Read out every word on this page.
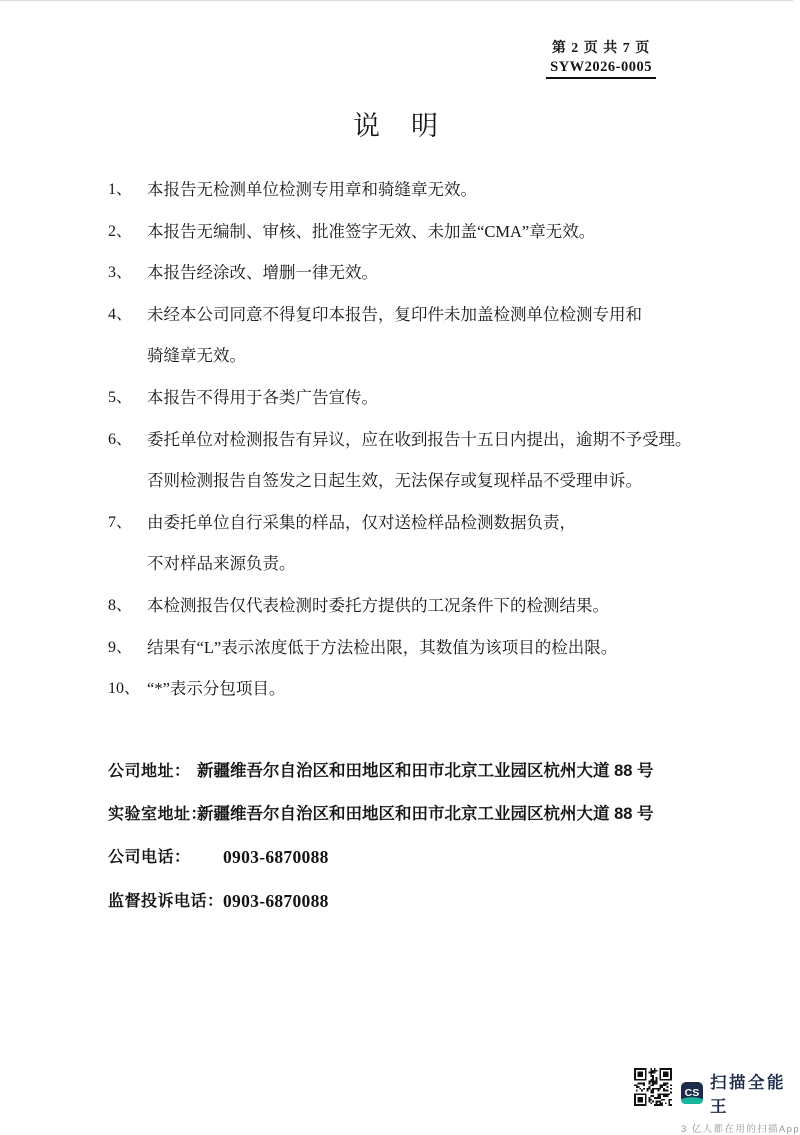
第 2 页 共 7 页
SYW2026-0005
说　明
1、 本报告无检测单位检测专用章和骑缝章无效。
2、 本报告无编制、审核、批准签字无效、未加盖“CMA”章无效。
3、 本报告经涂改、增删一律无效。
4、 未经本公司同意不得复印本报告，复印件未加盖检测单位检测专用和
骑缝章无效。
5、 本报告不得用于各类广告宣传。
6、 委托单位对检测报告有异议，应在收到报告十五日内提出，逾期不予受理。
否则检测报告自签发之日起生效，无法保存或复现样品不受理申诉。
7、 由委托单位自行采集的样品，仅对送检样品检测数据负责，
不对样品来源负责。
8、 本检测报告仅代表检测时委托方提供的工况条件下的检测结果。
9、 结果有“L”表示浓度低于方法检出限，其数值为该项目的检出限。
10、 “*”表示分包项目。
公司地址： 新疆维吾尔自治区和田地区和田市北京工业园区杭州大道 88 号
实验室地址：
新疆维吾尔自治区和田地区和田市北京工业园区杭州大道 88 号
公司电话： 0903-6870088
监督投诉电话： 0903-6870088
CS
扫描全能王
3 亿人都在用的扫描App
